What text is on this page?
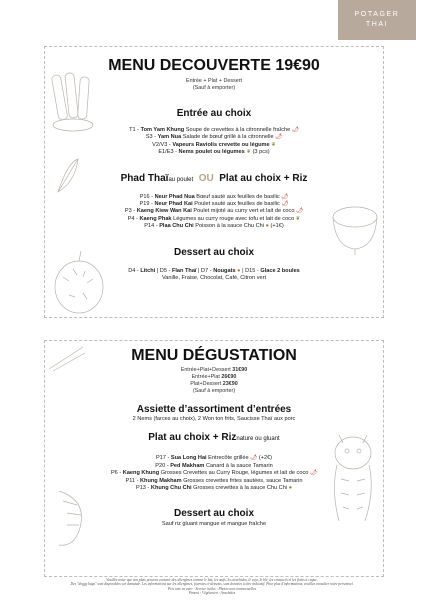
POTAGER
THAI
MENU DECOUVERTE 19€90
Entrée + Plat + Dessert
(Sauf à emporter)
Entrée au choix
T1 - Tom Yam Khung Soupe de crevettes à la citronnelle fraîche 🌶
S3 - Yam Nua Salade de bœuf grillé à la citronnelle 🌶
V2/V3 - Vapeurs Raviolis crevette ou légume ❦
E1/E3 - Nems poulet ou légumes ❦ (3 pcs)
Phad Thaïau poulet OU Plat au choix + Riz
P16 - Neur Phad Nua Bœuf sauté aux feuilles de basilic 🌶
P19 - Neur Phad Kai Poulet sauté aux feuilles de basilic 🌶
P3 - Kaeng Kiew Wan Kai Poulet mijoté au curry vert et lait de coco 🌶
P4 - Kaeng Phak Légumes au curry rouge avec tofu et lait de coco ❦
P14 - Plaa Chu Chi Poisson à la sauce Chu Chi ● (+1€)
Dessert au choix
D4 - Litchi | D5 - Flan Thaï | D7 - Nougats ● | D15 - Glace 2 boules
Vanille, Fraise, Chocolat, Café, Citron vert
MENU DÉGUSTATION
Entrée+Plat+Dessert 31€90
Entrée+Plat 26€90
Plat+Dessert 23€90
(Sauf à emporter)
Assiette d’assortiment d’entrées
2 Nems (farces au choix), 2 Won ton frits, Saucisse Thaï aux porc
Plat au choix + Riznature ou gluant
P17 - Sua Long Hai Entrecôte grillée 🌶 (+2€)
P20 - Ped Makham Canard à la sauce Tamarin
P6 - Kaeng Khung Grosses Crevettes au Curry Rouge, légumes et lait de coco 🌶
P11 - Khung Makham Grosses crevettes frites sautées, sauce Tamarin
P13 - Khung Chu Chi Grosses crevettes à la sauce Chu Chi ●
Dessert au choix
Sauf riz gluant mangue et mangue fraîche
Veuillez noter que nos plats peuvent contenir des allergènes comme le lait, les œufs, les arachides, le soja, le blé, les crustacés et les fruits à coque.
Des "doggy bags" sont disponibles sur demande. Les informations sur les allergènes, fournies ci-dessous, sont données à titre indicatif. Pour plus d'informations, veuillez consulter notre personnel.
Prix nets en euro - Service inclus - Photos non contractuelles
Piment - Végétarien - Arachides
